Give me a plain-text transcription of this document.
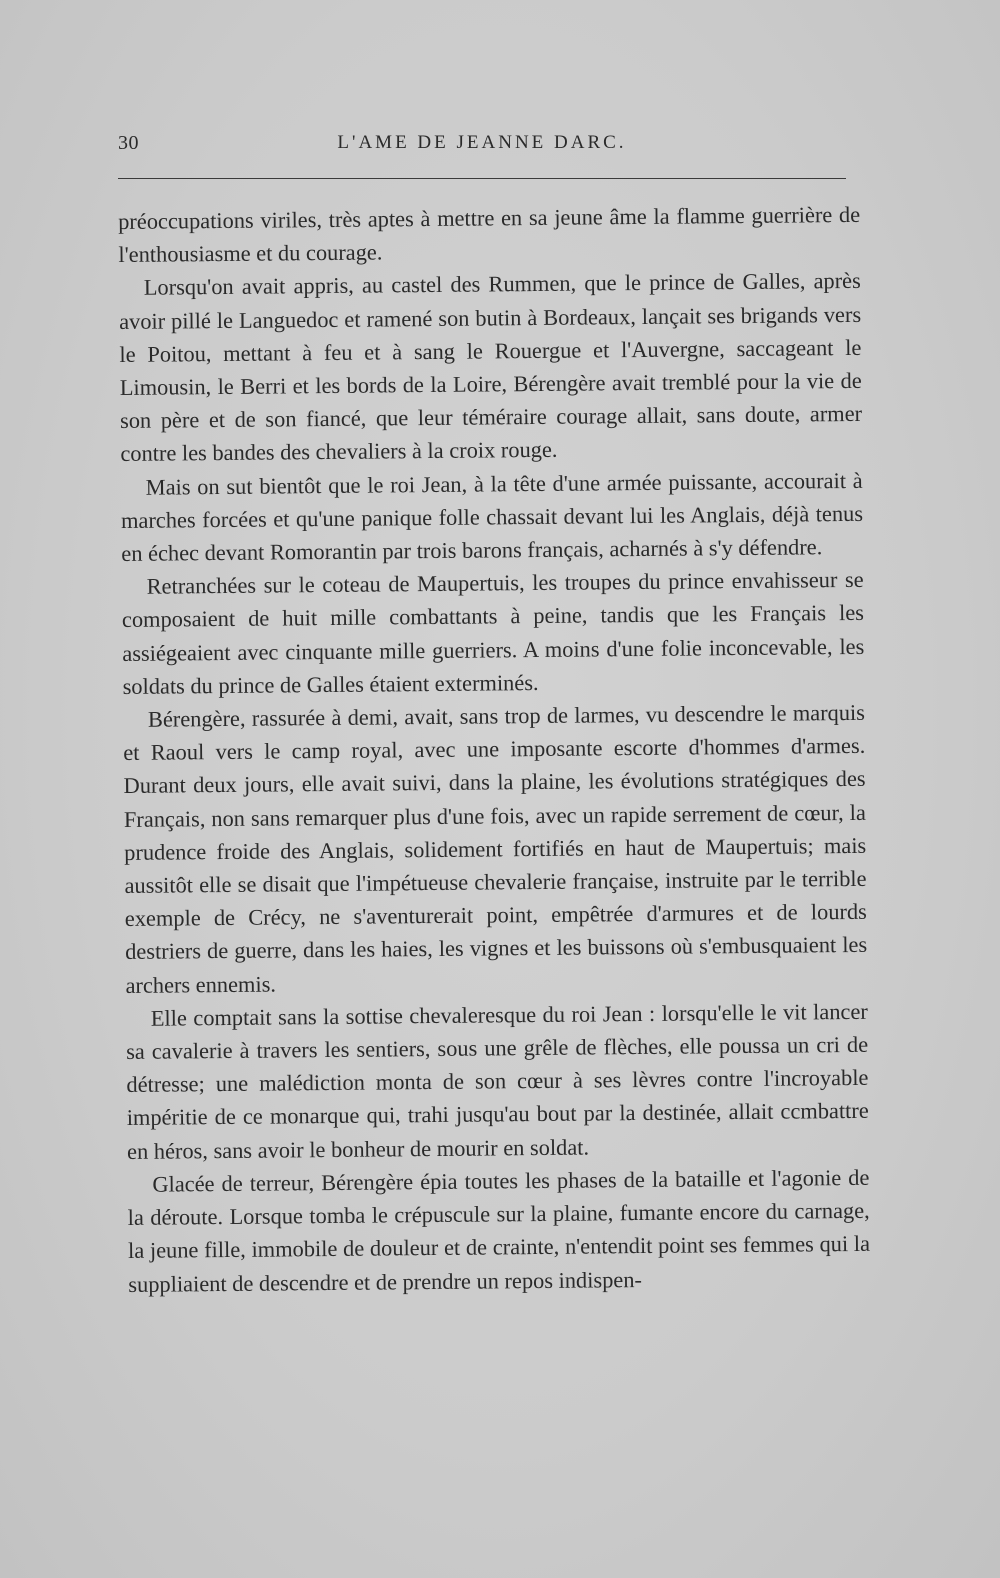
30	L'AME DE JEANNE DARC.

préoccupations viriles, très aptes à mettre en sa jeune âme la flamme guerrière de l'enthousiasme et du courage.

Lorsqu'on avait appris, au castel des Rummen, que le prince de Galles, après avoir pillé le Languedoc et ramené son butin à Bordeaux, lançait ses brigands vers le Poitou, mettant à feu et à sang le Rouergue et l'Auvergne, saccageant le Limousin, le Berri et les bords de la Loire, Bérengère avait tremblé pour la vie de son père et de son fiancé, que leur téméraire courage allait, sans doute, armer contre les bandes des chevaliers à la croix rouge.

Mais on sut bientôt que le roi Jean, à la tête d'une armée puissante, accourait à marches forcées et qu'une panique folle chassait devant lui les Anglais, déjà tenus en échec devant Romorantin par trois barons français, acharnés à s'y défendre.

Retranchées sur le coteau de Maupertuis, les troupes du prince envahisseur se composaient de huit mille combattants à peine, tandis que les Français les assiégeaient avec cinquante mille guerriers. A moins d'une folie inconcevable, les soldats du prince de Galles étaient exterminés.

Bérengère, rassurée à demi, avait, sans trop de larmes, vu descendre le marquis et Raoul vers le camp royal, avec une imposante escorte d'hommes d'armes. Durant deux jours, elle avait suivi, dans la plaine, les évolutions stratégiques des Français, non sans remarquer plus d'une fois, avec un rapide serrement de cœur, la prudence froide des Anglais, solidement fortifiés en haut de Maupertuis; mais aussitôt elle se disait que l'impétueuse chevalerie française, instruite par le terrible exemple de Crécy, ne s'aventurerait point, empêtrée d'armures et de lourds destriers de guerre, dans les haies, les vignes et les buissons où s'embusquaient les archers ennemis.

Elle comptait sans la sottise chevaleresque du roi Jean : lorsqu'elle le vit lancer sa cavalerie à travers les sentiers, sous une grêle de flèches, elle poussa un cri de détresse; une malédiction monta de son cœur à ses lèvres contre l'incroyable impéritie de ce monarque qui, trahi jusqu'au bout par la destinée, allait ccmbattre en héros, sans avoir le bonheur de mourir en soldat.

Glacée de terreur, Bérengère épia toutes les phases de la bataille et l'agonie de la déroute. Lorsque tomba le crépuscule sur la plaine, fumante encore du carnage, la jeune fille, immobile de douleur et de crainte, n'entendit point ses femmes qui la suppliaient de descendre et de prendre un repos indispen-
